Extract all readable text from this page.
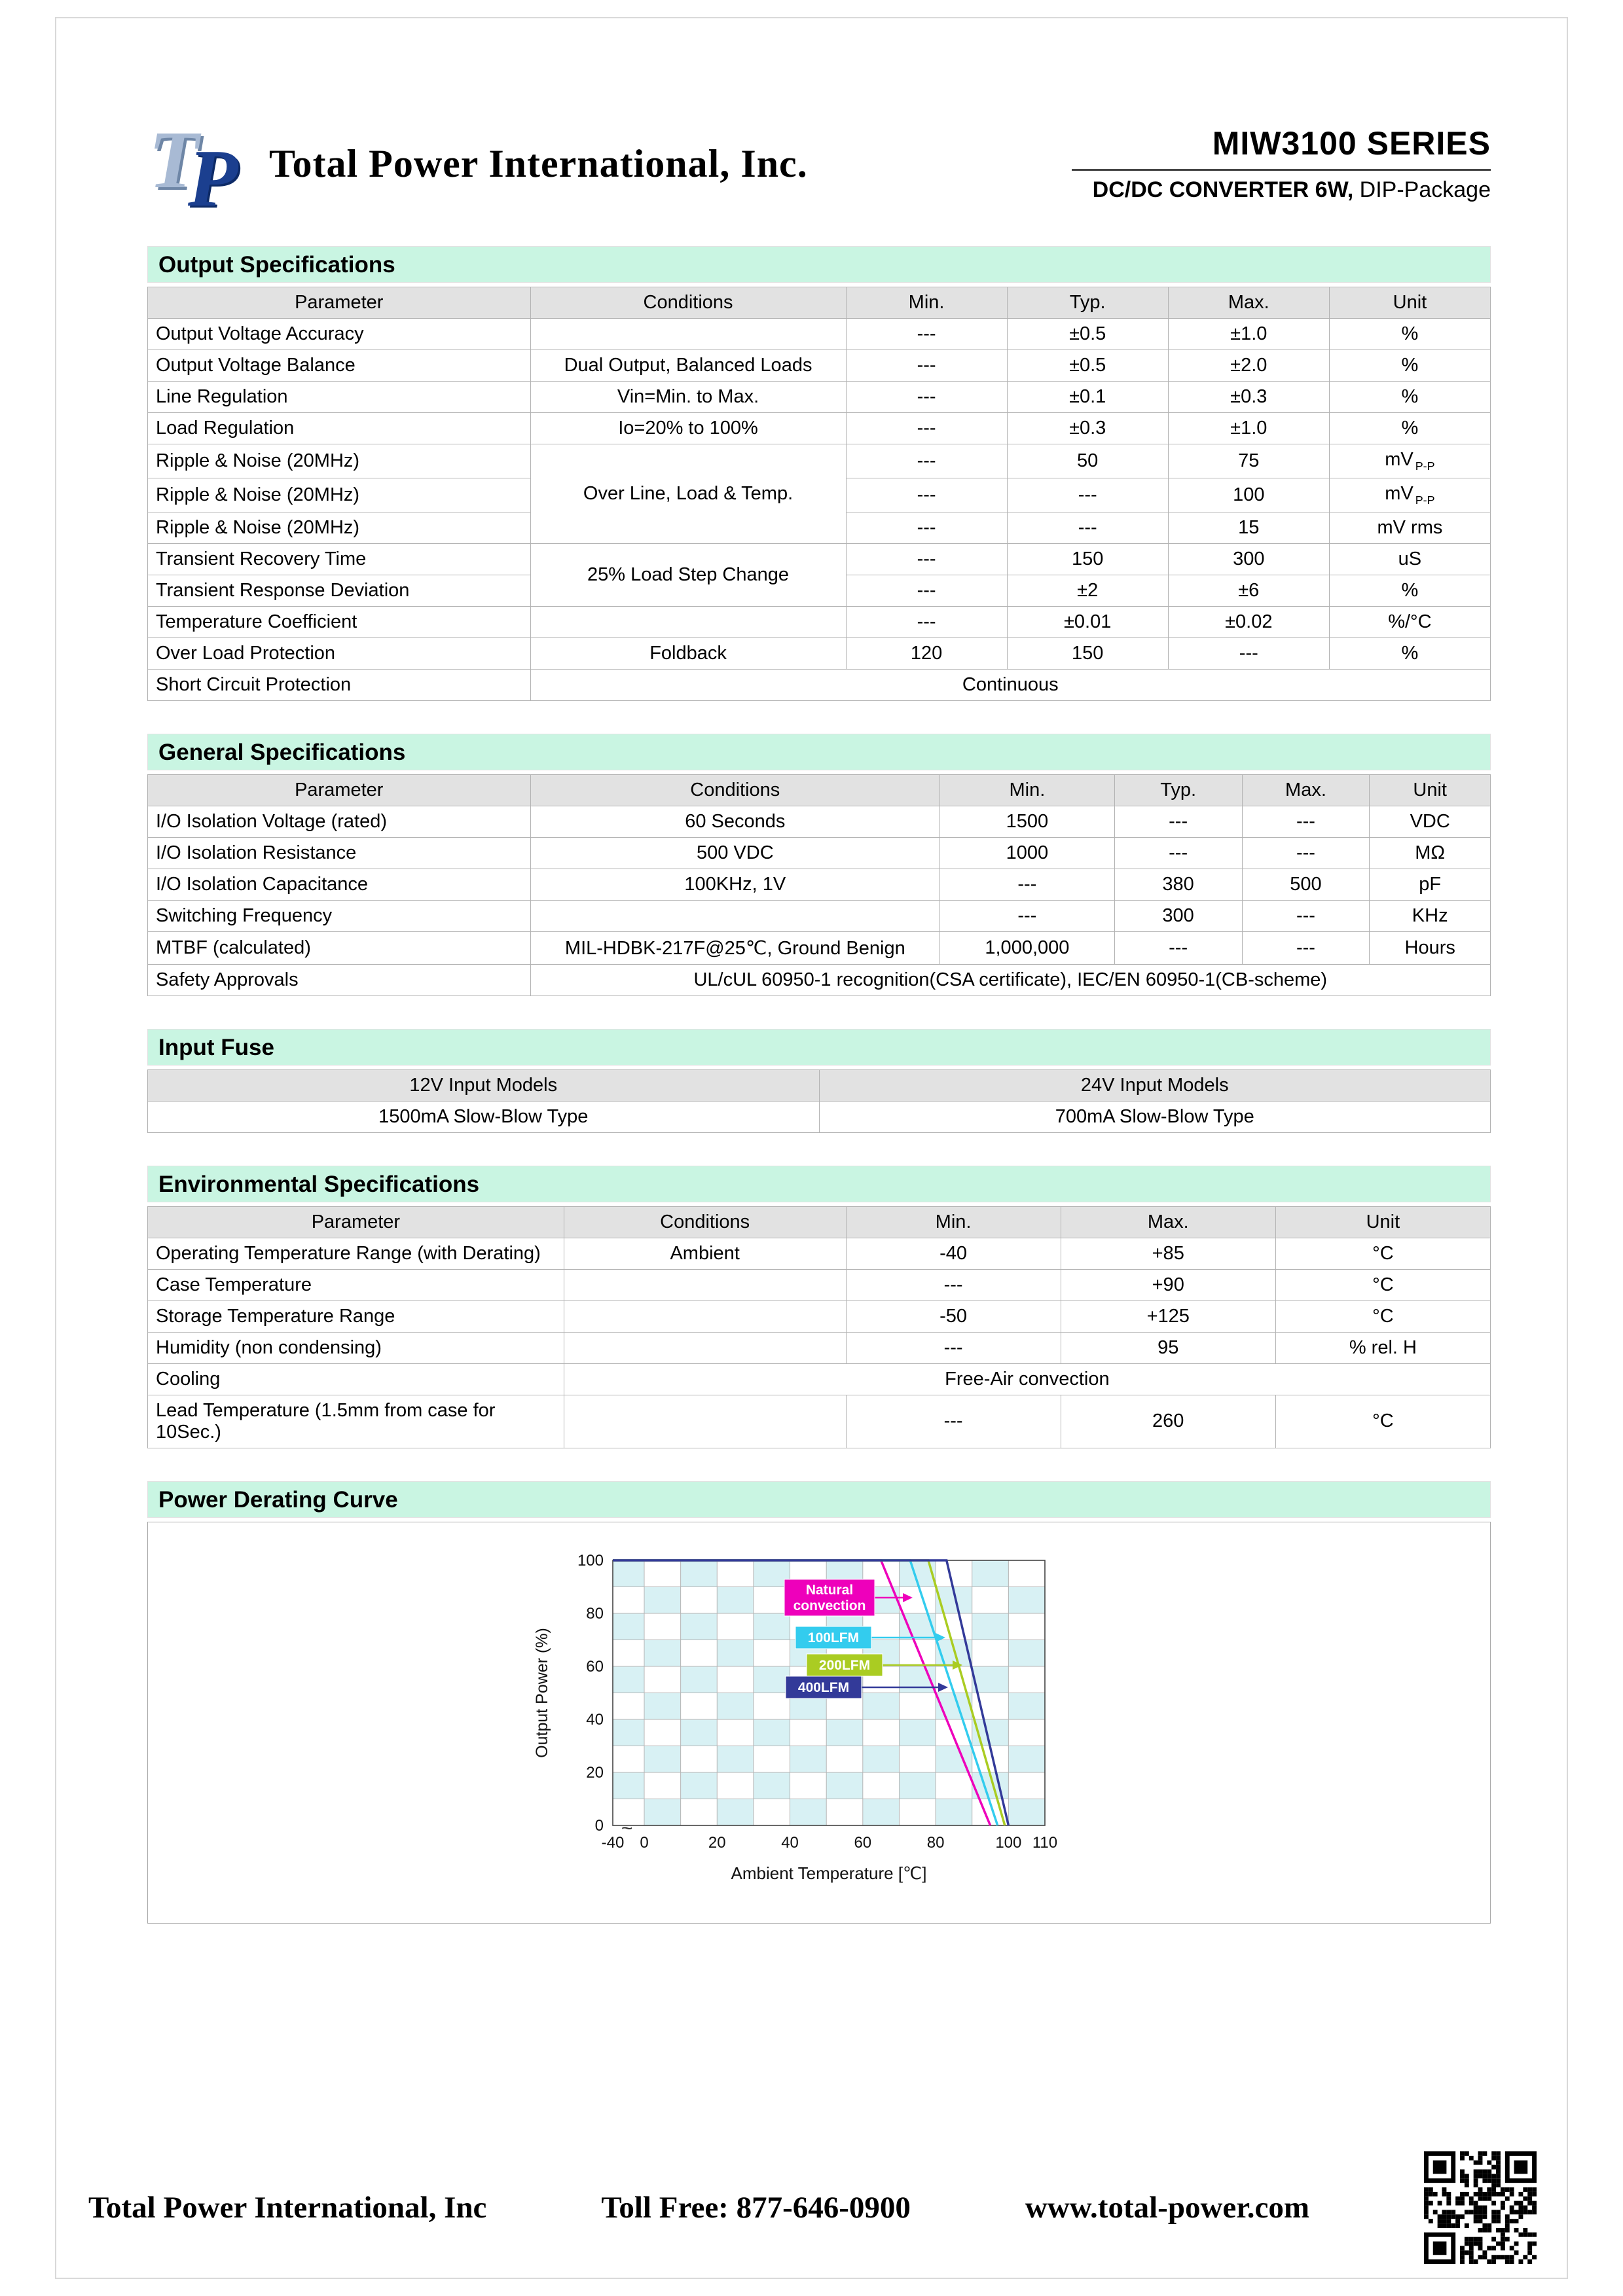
T
P Total Power International, Inc.	MIW3100 SERIES
DC/DC CONVERTER 6W, DIP-Package
Output Specifications
Parameter	Conditions	Min.	Typ.	Max.	Unit
Output Voltage Accuracy		---	±0.5	±1.0	%
Output Voltage Balance	Dual Output, Balanced Loads	---	±0.5	±2.0	%
Line Regulation	Vin=Min. to Max.	---	±0.1	±0.3	%
Load Regulation	Io=20% to 100%	---	±0.3	±1.0	%
Ripple & Noise (20MHz)	Over Line, Load & Temp.	---	50	75	mV $_{P-P}$
Ripple & Noise (20MHz)		---	---	100	mV $_{P-P}$
Ripple & Noise (20MHz)		---	---	15	mV rms
Transient Recovery Time	25% Load Step Change	---	150	300	uS
Transient Response Deviation		---	±2	±6	%
Temperature Coefficient		---	±0.01	±0.02	%/°C
Over Load Protection	Foldback	120	150	---	%
Short Circuit Protection	Continuous				
General Specifications
Parameter	Conditions	Min.	Typ.	Max.	Unit
I/O Isolation Voltage (rated)	60 Seconds	1500	---	---	VDC
I/O Isolation Resistance	500 VDC	1000	---	---	MΩ
I/O Isolation Capacitance	100KHz, 1V	---	380	500	pF
Switching Frequency		---	300	---	KHz
MTBF (calculated)	MIL-HDBK-217F@25℃, Ground Benign	1,000,000	---	---	Hours
Safety Approvals	UL/cUL 60950-1 recognition(CSA certificate), IEC/EN 60950-1(CB-scheme)				
Input Fuse
12V Input Models	24V Input Models
1500mA Slow-Blow Type	700mA Slow-Blow Type
Environmental Specifications
Parameter	Conditions	Min.	Max.	Unit
Operating Temperature Range (with Derating)	Ambient	-40	+85	°C
Case Temperature		---	+90	°C
Storage Temperature Range		-50	+125	°C
Humidity (non condensing)		---	95	% rel. H
Cooling	Free-Air convection			
Lead Temperature (1.5mm from case for 10Sec.)		---	260	°C
Power Derating Curve
-40 0	20	40	60	80	100 110
0
20
40
60
80
100
~
Output Power (%)
Ambient Temperature [℃]
Natural
convection
100LFM
200LFM
400LFM
Total Power International, Inc	Toll Free: 877-646-0900	www.total-power.com
